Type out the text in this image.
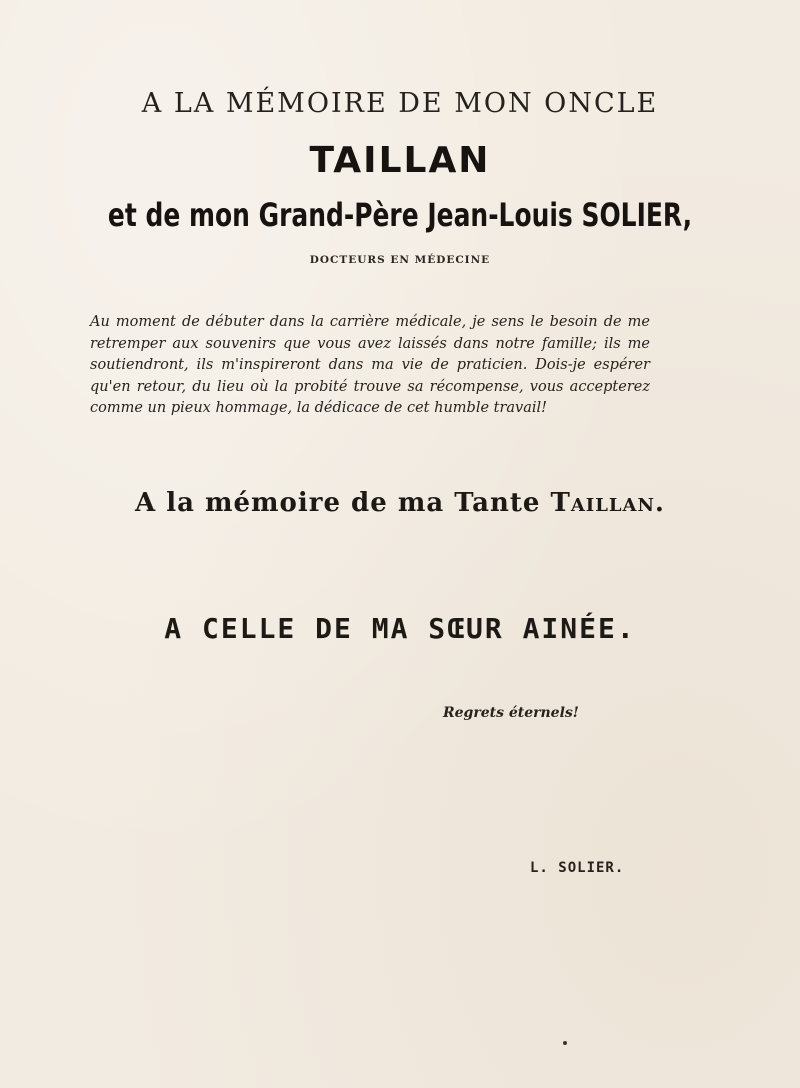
A LA MÉMOIRE DE MON ONCLE

TAILLAN

et de mon Grand-Père Jean-Louis SOLIER,

DOCTEURS EN MÉDECINE

Au moment de débuter dans la carrière médicale, je sens le besoin de me retremper aux souvenirs que vous avez laissés dans notre famille; ils me soutiendront, ils m'inspireront dans ma vie de praticien. Dois-je espérer qu'en retour, du lieu où la probité trouve sa récompense, vous accepterez comme un pieux hommage, la dédicace de cet humble travail!

A la mémoire de ma Tante Taillan.

A CELLE DE MA SŒUR AINÉE.

Regrets éternels!

L. SOLIER.
